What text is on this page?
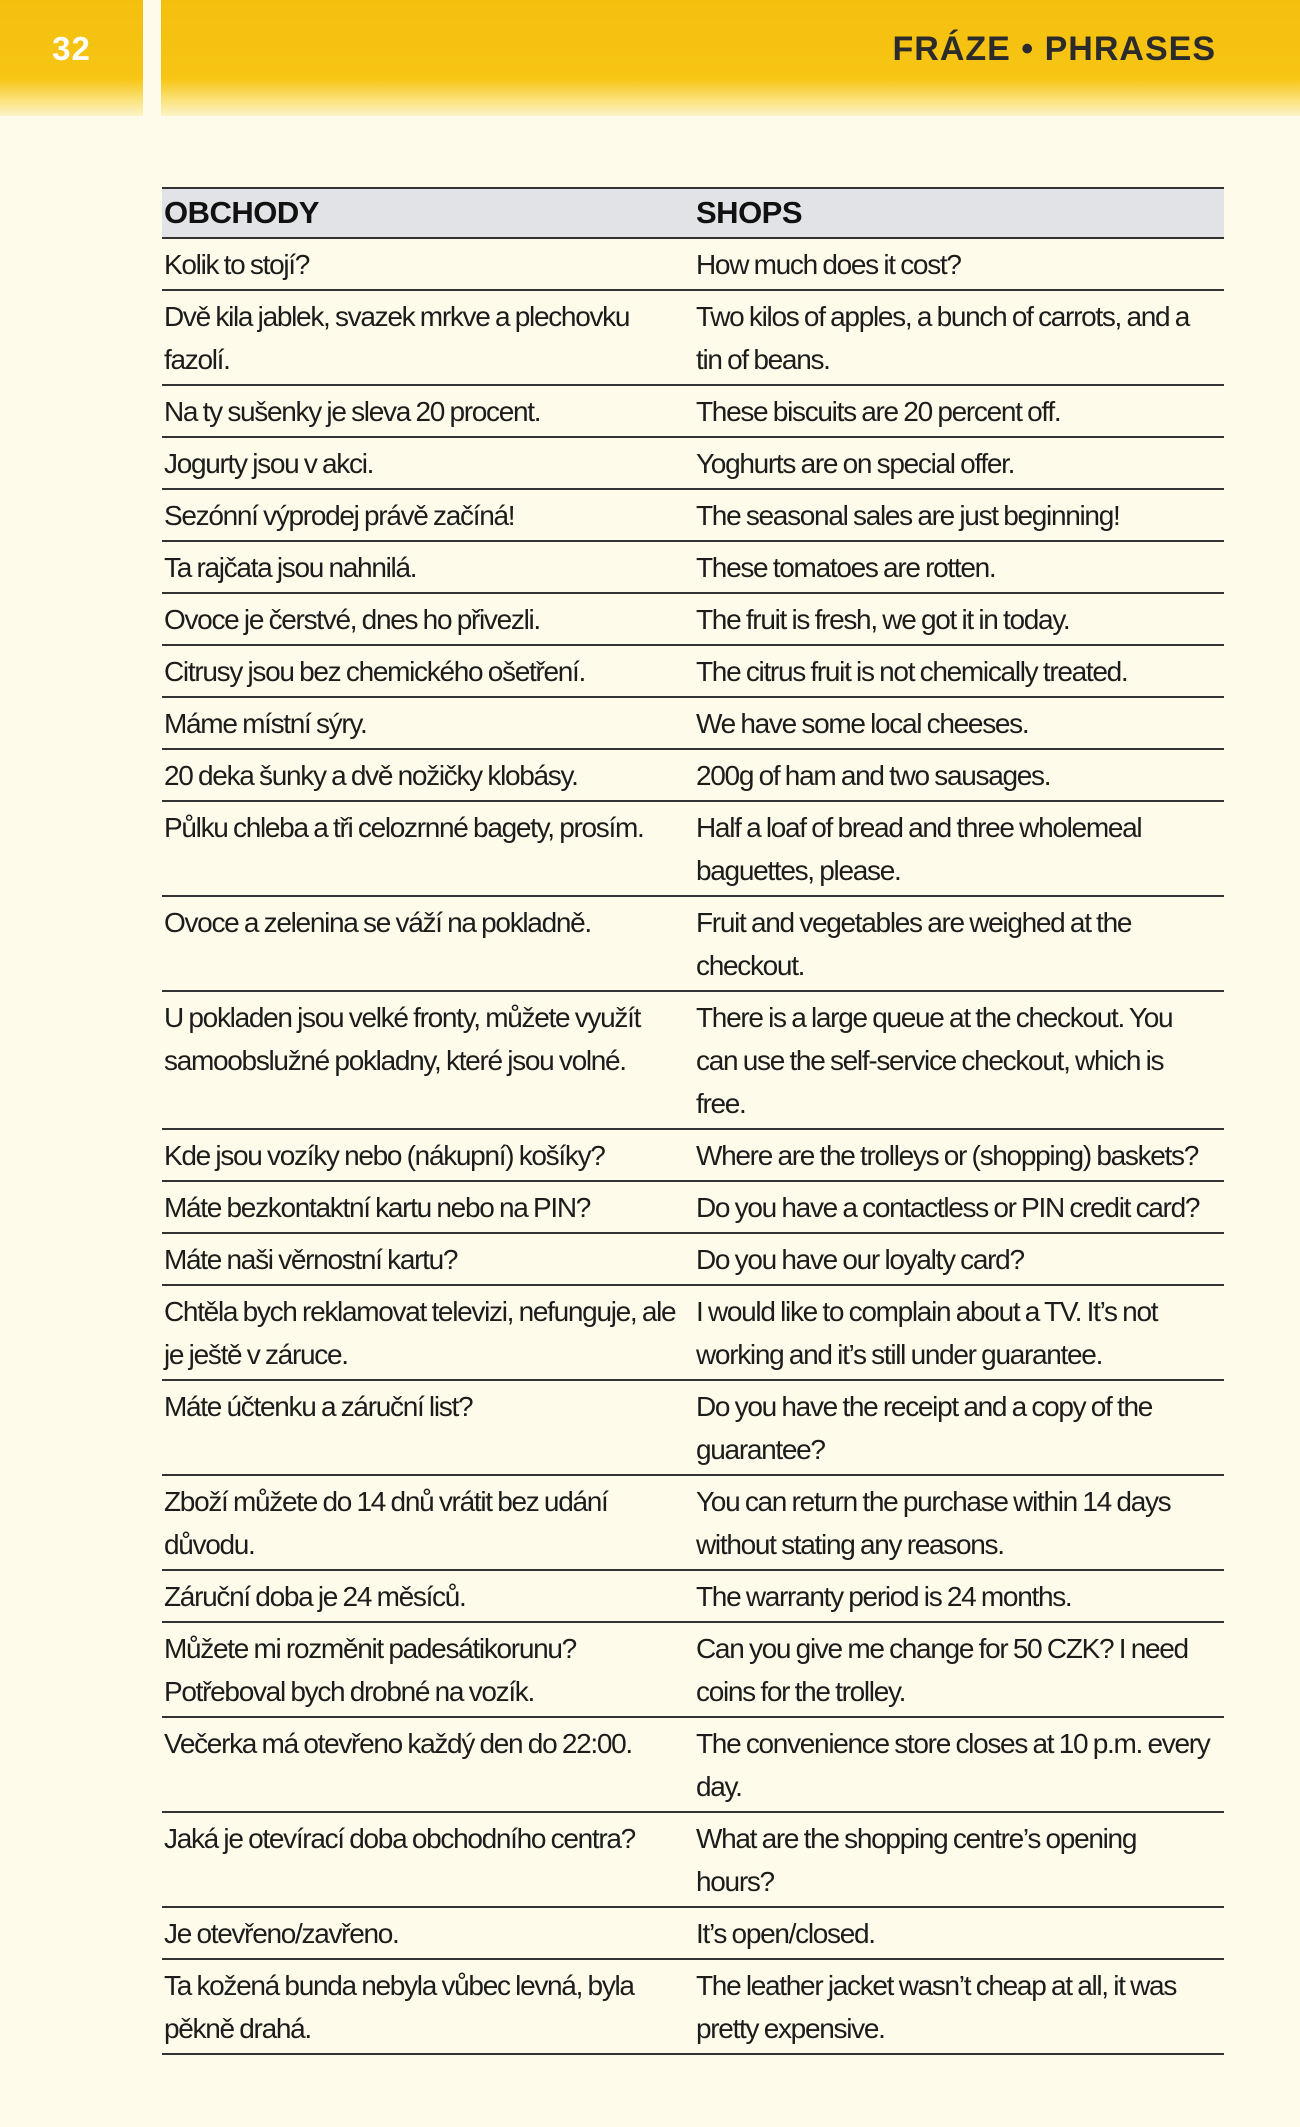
32	FRÁZE • PHRASES
OBCHODY	SHOPS
Kolik to stojí?	How much does it cost?
Dvě kila jablek, svazek mrkve a plechovku fazolí.	Two kilos of apples, a bunch of carrots, and a tin of beans.
Na ty sušenky je sleva 20 procent.	These biscuits are 20 percent off.
Jogurty jsou v akci.	Yoghurts are on special offer.
Sezónní výprodej právě začíná!	The seasonal sales are just beginning!
Ta rajčata jsou nahnilá.	These tomatoes are rotten.
Ovoce je čerstvé, dnes ho přivezli.	The fruit is fresh, we got it in today.
Citrusy jsou bez chemického ošetření.	The citrus fruit is not chemically treated.
Máme místní sýry.	We have some local cheeses.
20 deka šunky a dvě nožičky klobásy.	200g of ham and two sausages.
Půlku chleba a tři celozrnné bagety, prosím.	Half a loaf of bread and three wholemeal baguettes, please.
Ovoce a zelenina se váží na pokladně.	Fruit and vegetables are weighed at the checkout.
U pokladen jsou velké fronty, můžete využít samoobslužné pokladny, které jsou volné.	There is a large queue at the checkout. You can use the self-service checkout, which is free.
Kde jsou vozíky nebo (nákupní) košíky?	Where are the trolleys or (shopping) baskets?
Máte bezkontaktní kartu nebo na PIN?	Do you have a contactless or PIN credit card?
Máte naši věrnostní kartu?	Do you have our loyalty card?
Chtěla bych reklamovat televizi, nefunguje, ale je ještě v záruce.	I would like to complain about a TV. It’s not working and it’s still under guarantee.
Máte účtenku a záruční list?	Do you have the receipt and a copy of the guarantee?
Zboží můžete do 14 dnů vrátit bez udání důvodu.	You can return the purchase within 14 days without stating any reasons.
Záruční doba je 24 měsíců.	The warranty period is 24 months.
Můžete mi rozměnit padesátikorunu? Potřeboval bych drobné na vozík.	Can you give me change for 50 CZK? I need coins for the trolley.
Večerka má otevřeno každý den do 22:00.	The convenience store closes at 10 p.m. every day.
Jaká je otevírací doba obchodního centra?	What are the shopping centre’s opening hours?
Je otevřeno/zavřeno.	It’s open/closed.
Ta kožená bunda nebyla vůbec levná, byla pěkně drahá.	The leather jacket wasn’t cheap at all, it was pretty expensive.
